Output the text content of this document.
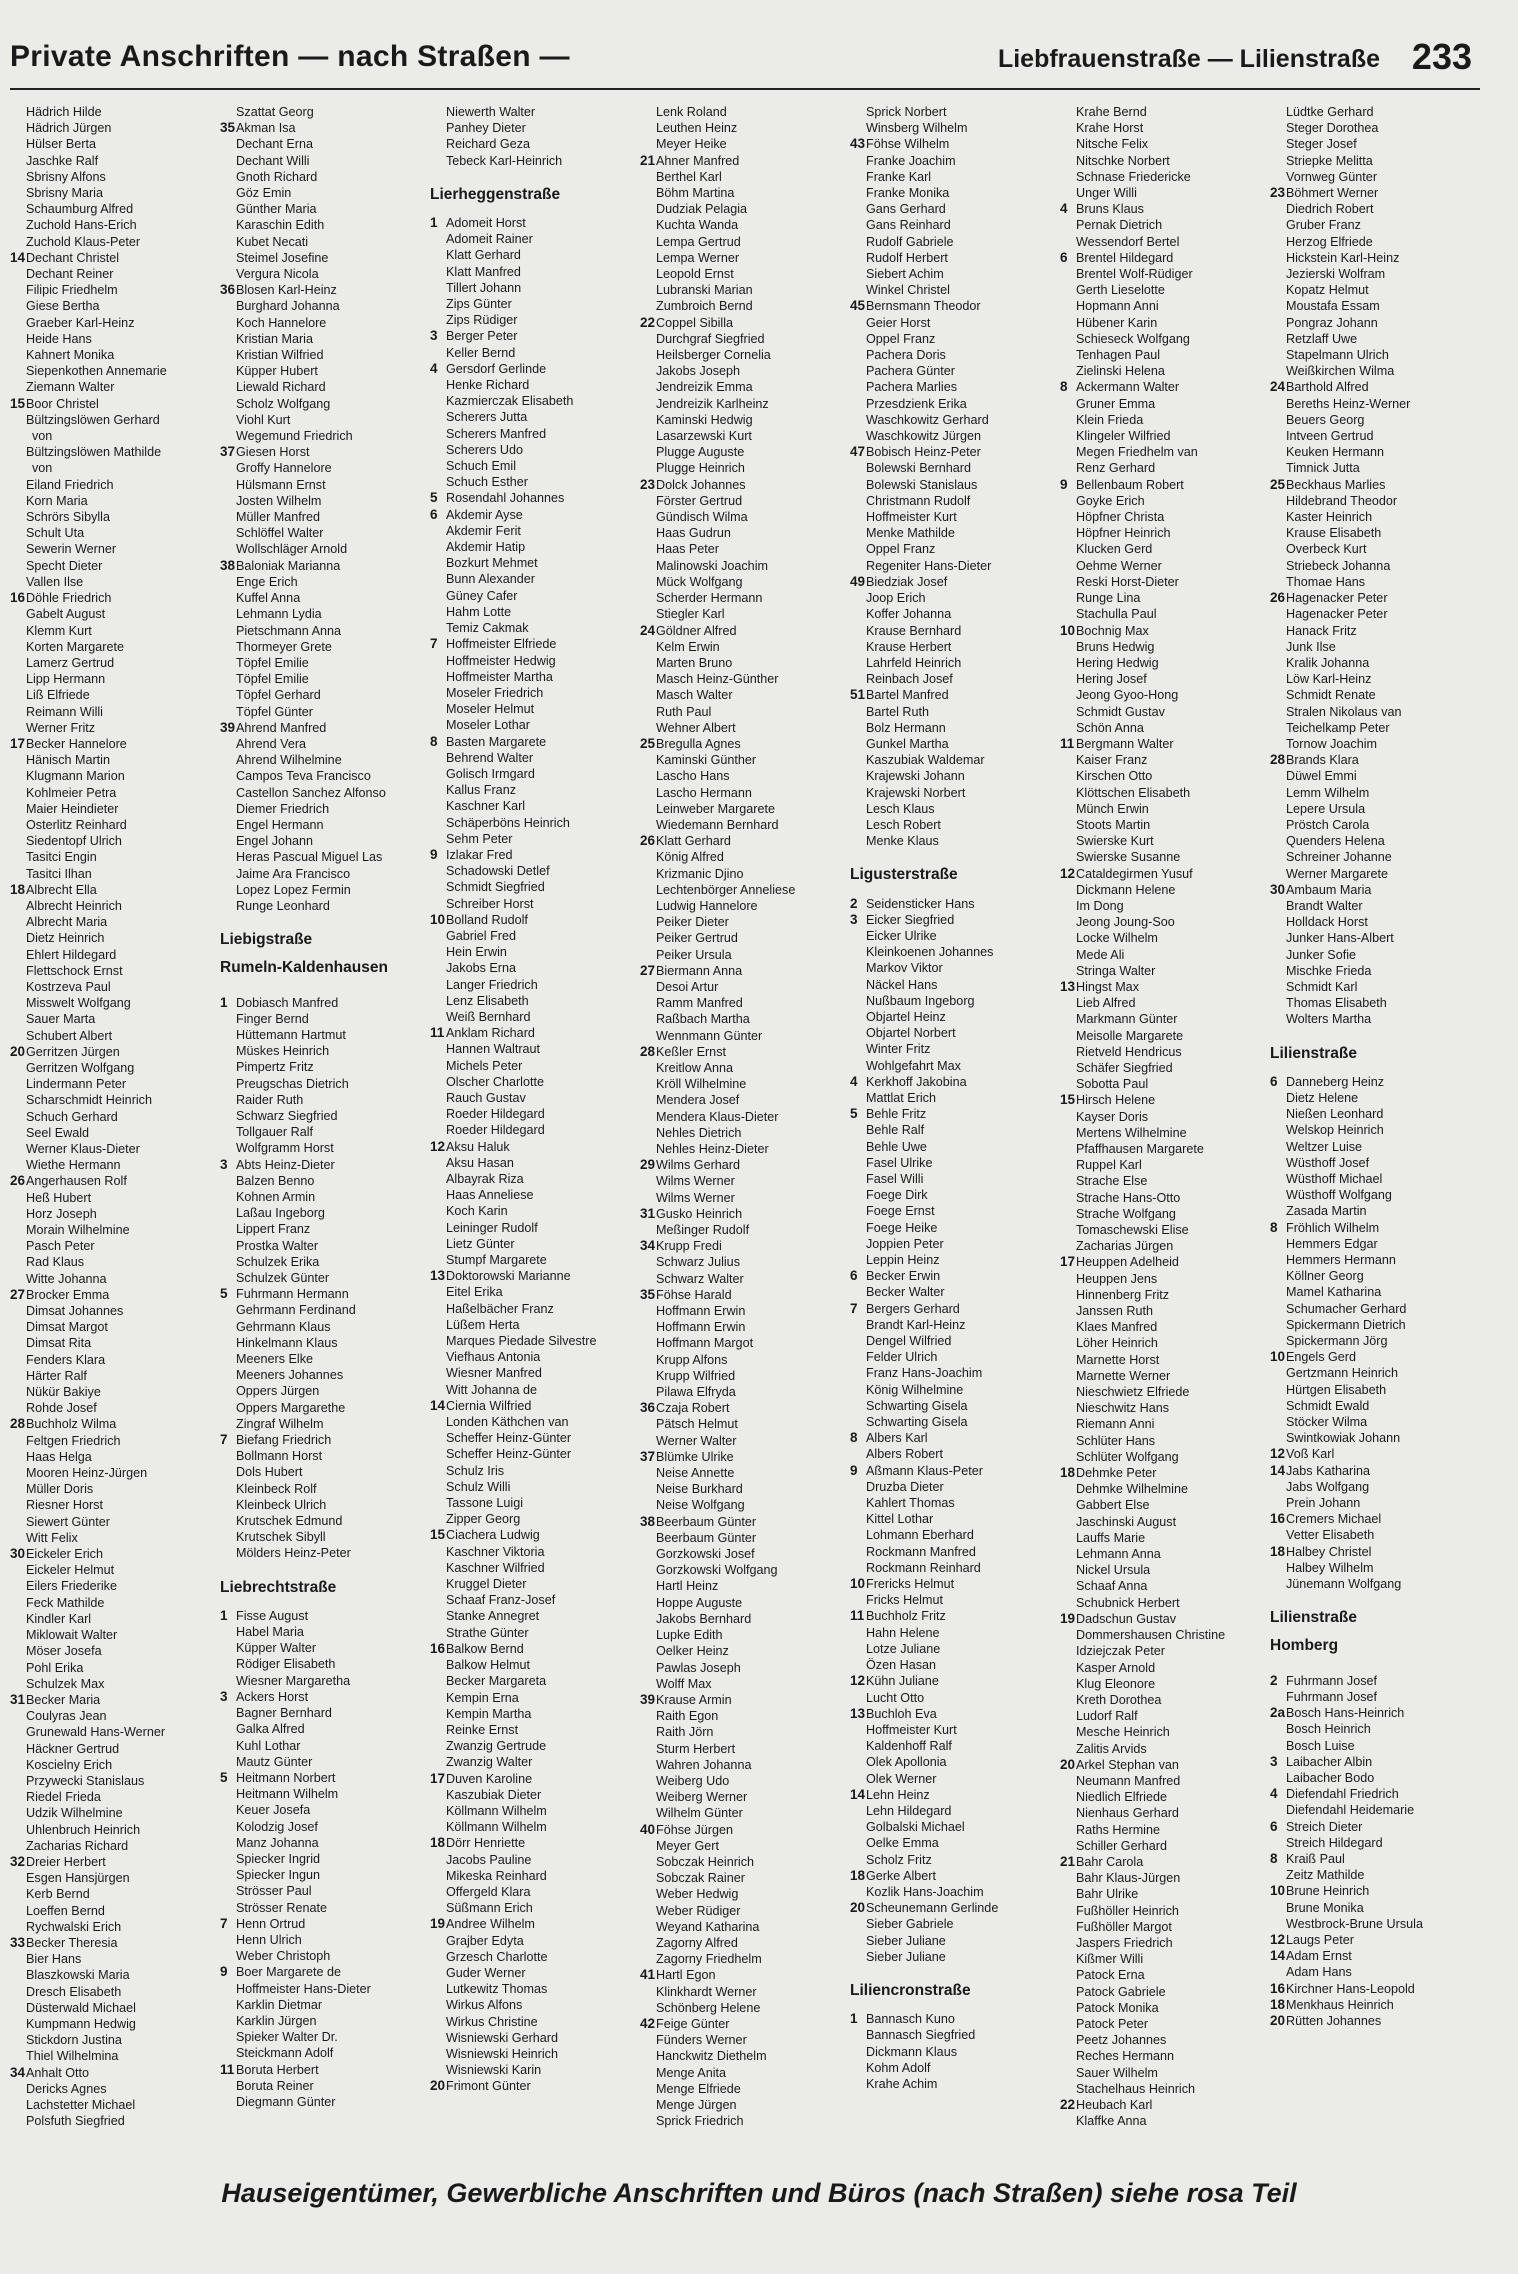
Private Anschriften — nach Straßen —	Liebfrauenstraße — Lilienstraße 233
Hädrich Hilde
Hädrich Jürgen
Hülser Berta
Jaschke Ralf
Sbrisny Alfons
Sbrisny Maria
Schaumburg Alfred
Zuchold Hans-Erich
Zuchold Klaus-Peter
14 Dechant Christel
Dechant Reiner
Filipic Friedhelm
Giese Bertha
Graeber Karl-Heinz
Heide Hans
Kahnert Monika
Siepenkothen Annemarie
Ziemann Walter
15 Boor Christel
Bültzingslöwen Gerhard
von
Bültzingslöwen Mathilde
von
Eiland Friedrich
Korn Maria
Schrörs Sibylla
Schult Uta
Sewerin Werner
Specht Dieter
Vallen Ilse
16 Döhle Friedrich
Gabelt August
Klemm Kurt
Korten Margarete
Lamerz Gertrud
Lipp Hermann
Liß Elfriede
Reimann Willi
Werner Fritz
17 Becker Hannelore
Hänisch Martin
Klugmann Marion
Kohlmeier Petra
Maier Heindieter
Osterlitz Reinhard
Siedentopf Ulrich
Tasitci Engin
Tasitci Ilhan
18 Albrecht Ella
Albrecht Heinrich
Albrecht Maria
Dietz Heinrich
Ehlert Hildegard
Flettschock Ernst
Kostrzeva Paul
Misswelt Wolfgang
Sauer Marta
Schubert Albert
20 Gerritzen Jürgen
Gerritzen Wolfgang
Lindermann Peter
Scharschmidt Heinrich
Schuch Gerhard
Seel Ewald
Werner Klaus-Dieter
Wiethe Hermann
26 Angerhausen Rolf
Heß Hubert
Horz Joseph
Morain Wilhelmine
Pasch Peter
Rad Klaus
Witte Johanna
27 Brocker Emma
Dimsat Johannes
Dimsat Margot
Dimsat Rita
Fenders Klara
Härter Ralf
Nükür Bakiye
Rohde Josef
28 Buchholz Wilma
Feltgen Friedrich
Haas Helga
Mooren Heinz-Jürgen
Müller Doris
Riesner Horst
Siewert Günter
Witt Felix
30 Eickeler Erich
Eickeler Helmut
Eilers Friederike
Feck Mathilde
Kindler Karl
Miklowait Walter
Möser Josefa
Pohl Erika
Schulzek Max
31 Becker Maria
Coulyras Jean
Grunewald Hans-Werner
Häckner Gertrud
Koscielny Erich
Przywecki Stanislaus
Riedel Frieda
Udzik Wilhelmine
Uhlenbruch Heinrich
Zacharias Richard
32 Dreier Herbert
Esgen Hansjürgen
Kerb Bernd
Loeffen Bernd
Rychwalski Erich
33 Becker Theresia
Bier Hans
Blaszkowski Maria
Dresch Elisabeth
Düsterwald Michael
Kumpmann Hedwig
Stickdorn Justina
Thiel Wilhelmina
34 Anhalt Otto
Dericks Agnes
Lachstetter Michael
Polsfuth Siegfried
Szattat Georg
35 Akman Isa
Dechant Erna
Dechant Willi
Gnoth Richard
Göz Emin
Günther Maria
Karaschin Edith
Kubet Necati
Steimel Josefine
Vergura Nicola
36 Blosen Karl-Heinz
Burghard Johanna
Koch Hannelore
Kristian Maria
Kristian Wilfried
Küpper Hubert
Liewald Richard
Scholz Wolfgang
Viohl Kurt
Wegemund Friedrich
37 Giesen Horst
Groffy Hannelore
Hülsmann Ernst
Josten Wilhelm
Müller Manfred
Schlöffel Walter
Wollschläger Arnold
38 Baloniak Marianna
Enge Erich
Kuffel Anna
Lehmann Lydia
Pietschmann Anna
Thormeyer Grete
Töpfel Emilie
Töpfel Emilie
Töpfel Gerhard
Töpfel Günter
39 Ahrend Manfred
Ahrend Vera
Ahrend Wilhelmine
Campos Teva Francisco
Castellon Sanchez Alfonso
Diemer Friedrich
Engel Hermann
Engel Johann
Heras Pascual Miguel Las
Jaime Ara Francisco
Lopez Lopez Fermin
Runge Leonhard
Liebigstraße
Rumeln-Kaldenhausen
1 Dobiasch Manfred
Finger Bernd
Hüttemann Hartmut
Müskes Heinrich
Pimpertz Fritz
Preugschas Dietrich
Raider Ruth
Schwarz Siegfried
Tollgauer Ralf
Wolfgramm Horst
3 Abts Heinz-Dieter
Balzen Benno
Kohnen Armin
Laßau Ingeborg
Lippert Franz
Prostka Walter
Schulzek Erika
Schulzek Günter
5 Fuhrmann Hermann
Gehrmann Ferdinand
Gehrmann Klaus
Hinkelmann Klaus
Meeners Elke
Meeners Johannes
Oppers Jürgen
Oppers Margarethe
Zingraf Wilhelm
7 Biefang Friedrich
Bollmann Horst
Dols Hubert
Kleinbeck Rolf
Kleinbeck Ulrich
Krutschek Edmund
Krutschek Sibyll
Mölders Heinz-Peter
Liebrechtstraße
1 Fisse August
Habel Maria
Küpper Walter
Rödiger Elisabeth
Wiesner Margaretha
3 Ackers Horst
Bagner Bernhard
Galka Alfred
Kuhl Lothar
Mautz Günter
5 Heitmann Norbert
Heitmann Wilhelm
Keuer Josefa
Kolodzig Josef
Manz Johanna
Spiecker Ingrid
Spiecker Ingun
Strösser Paul
Strösser Renate
7 Henn Ortrud
Henn Ulrich
Weber Christoph
9 Boer Margarete de
Hoffmeister Hans-Dieter
Karklin Dietmar
Karklin Jürgen
Spieker Walter Dr.
Steickmann Adolf
11 Boruta Herbert
Boruta Reiner
Diegmann Günter
Niewerth Walter
Panhey Dieter
Reichard Geza
Tebeck Karl-Heinrich
Lierheggenstraße
1 Adomeit Horst
Adomeit Rainer
Klatt Gerhard
Klatt Manfred
Tillert Johann
Zips Günter
Zips Rüdiger
3 Berger Peter
Keller Bernd
4 Gersdorf Gerlinde
Henke Richard
Kazmierczak Elisabeth
Scherers Jutta
Scherers Manfred
Scherers Udo
Schuch Emil
Schuch Esther
5 Rosendahl Johannes
6 Akdemir Ayse
Akdemir Ferit
Akdemir Hatip
Bozkurt Mehmet
Bunn Alexander
Güney Cafer
Hahm Lotte
Temiz Cakmak
7 Hoffmeister Elfriede
Hoffmeister Hedwig
Hoffmeister Martha
Moseler Friedrich
Moseler Helmut
Moseler Lothar
8 Basten Margarete
Behrend Walter
Golisch Irmgard
Kallus Franz
Kaschner Karl
Schäperböns Heinrich
Sehm Peter
9 Izlakar Fred
Schadowski Detlef
Schmidt Siegfried
Schreiber Horst
10 Bolland Rudolf
Gabriel Fred
Hein Erwin
Jakobs Erna
Langer Friedrich
Lenz Elisabeth
Weiß Bernhard
11 Anklam Richard
Hannen Waltraut
Michels Peter
Olscher Charlotte
Rauch Gustav
Roeder Hildegard
Roeder Hildegard
12 Aksu Haluk
Aksu Hasan
Albayrak Riza
Haas Anneliese
Koch Karin
Leininger Rudolf
Lietz Günter
Stumpf Margarete
13 Doktorowski Marianne
Eitel Erika
Haßelbächer Franz
Lüßem Herta
Marques Piedade Silvestre
Viefhaus Antonia
Wiesner Manfred
Witt Johanna de
14 Ciernia Wilfried
Londen Käthchen van
Scheffer Heinz-Günter
Scheffer Heinz-Günter
Schulz Iris
Schulz Willi
Tassone Luigi
Zipper Georg
15 Ciachera Ludwig
Kaschner Viktoria
Kaschner Wilfried
Kruggel Dieter
Schaaf Franz-Josef
Stanke Annegret
Strathe Günter
16 Balkow Bernd
Balkow Helmut
Becker Margareta
Kempin Erna
Kempin Martha
Reinke Ernst
Zwanzig Gertrude
Zwanzig Walter
17 Duven Karoline
Kaszubiak Dieter
Köllmann Wilhelm
Köllmann Wilhelm
18 Dörr Henriette
Jacobs Pauline
Mikeska Reinhard
Offergeld Klara
Süßmann Erich
19 Andree Wilhelm
Grajber Edyta
Grzesch Charlotte
Guder Werner
Lutkewitz Thomas
Wirkus Alfons
Wirkus Christine
Wisniewski Gerhard
Wisniewski Heinrich
Wisniewski Karin
20 Frimont Günter
Lenk Roland
Leuthen Heinz
Meyer Heike
21 Ahner Manfred
Berthel Karl
Böhm Martina
Dudziak Pelagia
Kuchta Wanda
Lempa Gertrud
Lempa Werner
Leopold Ernst
Lubranski Marian
Zumbroich Bernd
22 Coppel Sibilla
Durchgraf Siegfried
Heilsberger Cornelia
Jakobs Joseph
Jendreizik Emma
Jendreizik Karlheinz
Kaminski Hedwig
Lasarzewski Kurt
Plugge Auguste
Plugge Heinrich
23 Dolck Johannes
Förster Gertrud
Gündisch Wilma
Haas Gudrun
Haas Peter
Malinowski Joachim
Mück Wolfgang
Scherder Hermann
Stiegler Karl
24 Göldner Alfred
Kelm Erwin
Marten Bruno
Masch Heinz-Günther
Masch Walter
Ruth Paul
Wehner Albert
25 Bregulla Agnes
Kaminski Günther
Lascho Hans
Lascho Hermann
Leinweber Margarete
Wiedemann Bernhard
26 Klatt Gerhard
König Alfred
Krizmanic Djino
Lechtenbörger Anneliese
Ludwig Hannelore
Peiker Dieter
Peiker Gertrud
Peiker Ursula
27 Biermann Anna
Desoi Artur
Ramm Manfred
Raßbach Martha
Wennmann Günter
28 Keßler Ernst
Kreitlow Anna
Kröll Wilhelmine
Mendera Josef
Mendera Klaus-Dieter
Nehles Dietrich
Nehles Heinz-Dieter
29 Wilms Gerhard
Wilms Werner
Wilms Werner
31 Gusko Heinrich
Meßinger Rudolf
34 Krupp Fredi
Schwarz Julius
Schwarz Walter
35 Föhse Harald
Hoffmann Erwin
Hoffmann Erwin
Hoffmann Margot
Krupp Alfons
Krupp Wilfried
Pilawa Elfryda
36 Czaja Robert
Pätsch Helmut
Werner Walter
37 Blümke Ulrike
Neise Annette
Neise Burkhard
Neise Wolfgang
38 Beerbaum Günter
Beerbaum Günter
Gorzkowski Josef
Gorzkowski Wolfgang
Hartl Heinz
Hoppe Auguste
Jakobs Bernhard
Lupke Edith
Oelker Heinz
Pawlas Joseph
Wolff Max
39 Krause Armin
Raith Egon
Raith Jörn
Sturm Herbert
Wahren Johanna
Weiberg Udo
Weiberg Werner
Wilhelm Günter
40 Föhse Jürgen
Meyer Gert
Sobczak Heinrich
Sobczak Rainer
Weber Hedwig
Weber Rüdiger
Weyand Katharina
Zagorny Alfred
Zagorny Friedhelm
41 Hartl Egon
Klinkhardt Werner
Schönberg Helene
42 Feige Günter
Fünders Werner
Hanckwitz Diethelm
Menge Anita
Menge Elfriede
Menge Jürgen
Sprick Friedrich
Sprick Norbert
Winsberg Wilhelm
43 Föhse Wilhelm
Franke Joachim
Franke Karl
Franke Monika
Gans Gerhard
Gans Reinhard
Rudolf Gabriele
Rudolf Herbert
Siebert Achim
Winkel Christel
45 Bernsmann Theodor
Geier Horst
Oppel Franz
Pachera Doris
Pachera Günter
Pachera Marlies
Przesdzienk Erika
Waschkowitz Gerhard
Waschkowitz Jürgen
47 Bobisch Heinz-Peter
Bolewski Bernhard
Bolewski Stanislaus
Christmann Rudolf
Hoffmeister Kurt
Menke Mathilde
Oppel Franz
Regeniter Hans-Dieter
49 Biedziak Josef
Joop Erich
Koffer Johanna
Krause Bernhard
Krause Herbert
Lahrfeld Heinrich
Reinbach Josef
51 Bartel Manfred
Bartel Ruth
Bolz Hermann
Gunkel Martha
Kaszubiak Waldemar
Krajewski Johann
Krajewski Norbert
Lesch Klaus
Lesch Robert
Menke Klaus
Ligusterstraße
2 Seidensticker Hans
3 Eicker Siegfried
Eicker Ulrike
Kleinkoenen Johannes
Markov Viktor
Näckel Hans
Nußbaum Ingeborg
Objartel Heinz
Objartel Norbert
Winter Fritz
Wohlgefahrt Max
4 Kerkhoff Jakobina
Mattlat Erich
5 Behle Fritz
Behle Ralf
Behle Uwe
Fasel Ulrike
Fasel Willi
Foege Dirk
Foege Ernst
Foege Heike
Joppien Peter
Leppin Heinz
6 Becker Erwin
Becker Walter
7 Bergers Gerhard
Brandt Karl-Heinz
Dengel Wilfried
Felder Ulrich
Franz Hans-Joachim
König Wilhelmine
Schwarting Gisela
Schwarting Gisela
8 Albers Karl
Albers Robert
9 Aßmann Klaus-Peter
Druzba Dieter
Kahlert Thomas
Kittel Lothar
Lohmann Eberhard
Rockmann Manfred
Rockmann Reinhard
10 Frericks Helmut
Fricks Helmut
11 Buchholz Fritz
Hahn Helene
Lotze Juliane
Özen Hasan
12 Kühn Juliane
Lucht Otto
13 Buchloh Eva
Hoffmeister Kurt
Kaldenhoff Ralf
Olek Apollonia
Olek Werner
14 Lehn Heinz
Lehn Hildegard
Golbalski Michael
Oelke Emma
Scholz Fritz
18 Gerke Albert
Kozlik Hans-Joachim
20 Scheunemann Gerlinde
Sieber Gabriele
Sieber Juliane
Sieber Juliane
Liliencronstraße
1 Bannasch Kuno
Bannasch Siegfried
Dickmann Klaus
Kohm Adolf
Krahe Achim
Krahe Bernd
Krahe Horst
Nitsche Felix
Nitschke Norbert
Schnase Friedericke
Unger Willi
4 Bruns Klaus
Pernak Dietrich
Wessendorf Bertel
6 Brentel Hildegard
Brentel Wolf-Rüdiger
Gerth Lieselotte
Hopmann Anni
Hübener Karin
Schieseck Wolfgang
Tenhagen Paul
Zielinski Helena
8 Ackermann Walter
Gruner Emma
Klein Frieda
Klingeler Wilfried
Megen Friedhelm van
Renz Gerhard
9 Bellenbaum Robert
Goyke Erich
Höpfner Christa
Höpfner Heinrich
Klucken Gerd
Oehme Werner
Reski Horst-Dieter
Runge Lina
Stachulla Paul
10 Bochnig Max
Bruns Hedwig
Hering Hedwig
Hering Josef
Jeong Gyoo-Hong
Schmidt Gustav
Schön Anna
11 Bergmann Walter
Kaiser Franz
Kirschen Otto
Klöttschen Elisabeth
Münch Erwin
Stoots Martin
Swierske Kurt
Swierske Susanne
12 Cataldegirmen Yusuf
Dickmann Helene
Im Dong
Jeong Joung-Soo
Locke Wilhelm
Mede Ali
Stringa Walter
13 Hingst Max
Lieb Alfred
Markmann Günter
Meisolle Margarete
Rietveld Hendricus
Schäfer Siegfried
Sobotta Paul
15 Hirsch Helene
Kayser Doris
Mertens Wilhelmine
Pfaffhausen Margarete
Ruppel Karl
Strache Else
Strache Hans-Otto
Strache Wolfgang
Tomaschewski Elise
Zacharias Jürgen
17 Heuppen Adelheid
Heuppen Jens
Hinnenberg Fritz
Janssen Ruth
Klaes Manfred
Löher Heinrich
Marnette Horst
Marnette Werner
Nieschwietz Elfriede
Nieschwitz Hans
Riemann Anni
Schlüter Hans
Schlüter Wolfgang
18 Dehmke Peter
Dehmke Wilhelmine
Gabbert Else
Jaschinski August
Lauffs Marie
Lehmann Anna
Nickel Ursula
Schaaf Anna
Schubnick Herbert
19 Dadschun Gustav
Dommershausen Christine
Idziejczak Peter
Kasper Arnold
Klug Eleonore
Kreth Dorothea
Ludorf Ralf
Mesche Heinrich
Zalitis Arvids
20 Arkel Stephan van
Neumann Manfred
Niedlich Elfriede
Nienhaus Gerhard
Raths Hermine
Schiller Gerhard
21 Bahr Carola
Bahr Klaus-Jürgen
Bahr Ulrike
Fußhöller Heinrich
Fußhöller Margot
Jaspers Friedrich
Kißmer Willi
Patock Erna
Patock Gabriele
Patock Monika
Patock Peter
Peetz Johannes
Reches Hermann
Sauer Wilhelm
Stachelhaus Heinrich
22 Heubach Karl
Klaffke Anna
Lüdtke Gerhard
Steger Dorothea
Steger Josef
Striepke Melitta
Vornweg Günter
23 Böhmert Werner
Diedrich Robert
Gruber Franz
Herzog Elfriede
Hickstein Karl-Heinz
Jezierski Wolfram
Kopatz Helmut
Moustafa Essam
Pongraz Johann
Retzlaff Uwe
Stapelmann Ulrich
Weißkirchen Wilma
24 Barthold Alfred
Bereths Heinz-Werner
Beuers Georg
Intveen Gertrud
Keuken Hermann
Timnick Jutta
25 Beckhaus Marlies
Hildebrand Theodor
Kaster Heinrich
Krause Elisabeth
Overbeck Kurt
Striebeck Johanna
Thomae Hans
26 Hagenacker Peter
Hagenacker Peter
Hanack Fritz
Junk Ilse
Kralik Johanna
Löw Karl-Heinz
Schmidt Renate
Stralen Nikolaus van
Teichelkamp Peter
Tornow Joachim
28 Brands Klara
Düwel Emmi
Lemm Wilhelm
Lepere Ursula
Pröstch Carola
Quenders Helena
Schreiner Johanne
Werner Margarete
30 Ambaum Maria
Brandt Walter
Holldack Horst
Junker Hans-Albert
Junker Sofie
Mischke Frieda
Schmidt Karl
Thomas Elisabeth
Wolters Martha
Lilienstraße
6 Danneberg Heinz
Dietz Helene
Nießen Leonhard
Welskop Heinrich
Weltzer Luise
Wüsthoff Josef
Wüsthoff Michael
Wüsthoff Wolfgang
Zasada Martin
8 Fröhlich Wilhelm
Hemmers Edgar
Hemmers Hermann
Köllner Georg
Mamel Katharina
Schumacher Gerhard
Spickermann Dietrich
Spickermann Jörg
10 Engels Gerd
Gertzmann Heinrich
Hürtgen Elisabeth
Schmidt Ewald
Stöcker Wilma
Swintkowiak Johann
12 Voß Karl
14 Jabs Katharina
Jabs Wolfgang
Prein Johann
16 Cremers Michael
Vetter Elisabeth
18 Halbey Christel
Halbey Wilhelm
Jünemann Wolfgang
Lilienstraße
Homberg
2 Fuhrmann Josef
Fuhrmann Josef
2a Bosch Hans-Heinrich
Bosch Heinrich
Bosch Luise
3 Laibacher Albin
Laibacher Bodo
4 Diefendahl Friedrich
Diefendahl Heidemarie
6 Streich Dieter
Streich Hildegard
8 Kraiß Paul
Zeitz Mathilde
10 Brune Heinrich
Brune Monika
Westbrock-Brune Ursula
12 Laugs Peter
14 Adam Ernst
Adam Hans
16 Kirchner Hans-Leopold
18 Menkhaus Heinrich
20 Rütten Johannes
Hauseigentümer, Gewerbliche Anschriften und Büros (nach Straßen) siehe rosa Teil
